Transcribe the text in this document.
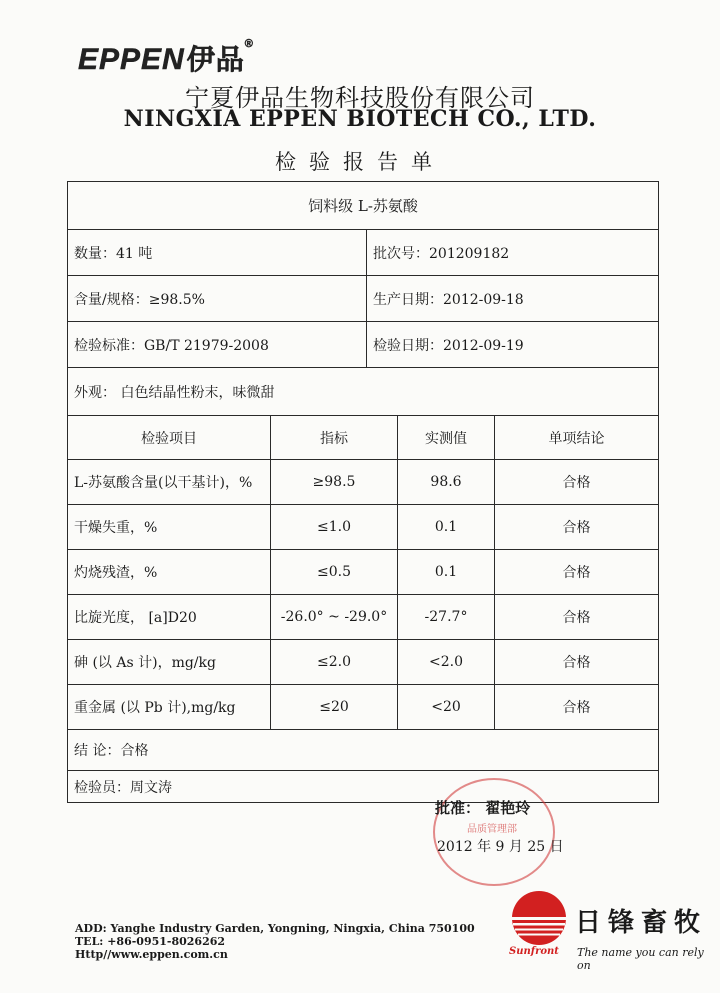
EPPEN伊品®
宁夏伊品生物科技股份有限公司
NINGXIA EPPEN BIOTECH CO., LTD.
检验报告单
饲料级 L-苏氨酸				
数量：41 吨		批次号：201209182		
含量/规格：≥98.5%		生产日期：2012-09-18		
检验标准：GB/T 21979-2008		检验日期：2012-09-19		
外观： 白色结晶性粉末，味微甜				
检验项目	指标		实测值	单项结论
L-苏氨酸含量(以干基计)，%	≥98.5		98.6	合格
干燥失重，%	≤1.0		0.1	合格
灼烧残渣，%	≤0.5		0.1	合格
比旋光度， [a]D20	-26.0° ~ -29.0°		-27.7°	合格
砷 (以 As 计)，mg/kg	≤2.0		<2.0	合格
重金属 (以 Pb 计),mg/kg	≤20		<20	合格
结 论：合格				
检验员：周文涛				
品质管理部
批准： 翟艳玲
2012 年 9 月 25 日
ADD: Yanghe Industry Garden, Yongning, Ningxia, China 750100
TEL: +86-0951-8026262
Http//www.eppen.com.cn
日锋畜牧
Sunfront The name you can rely on
